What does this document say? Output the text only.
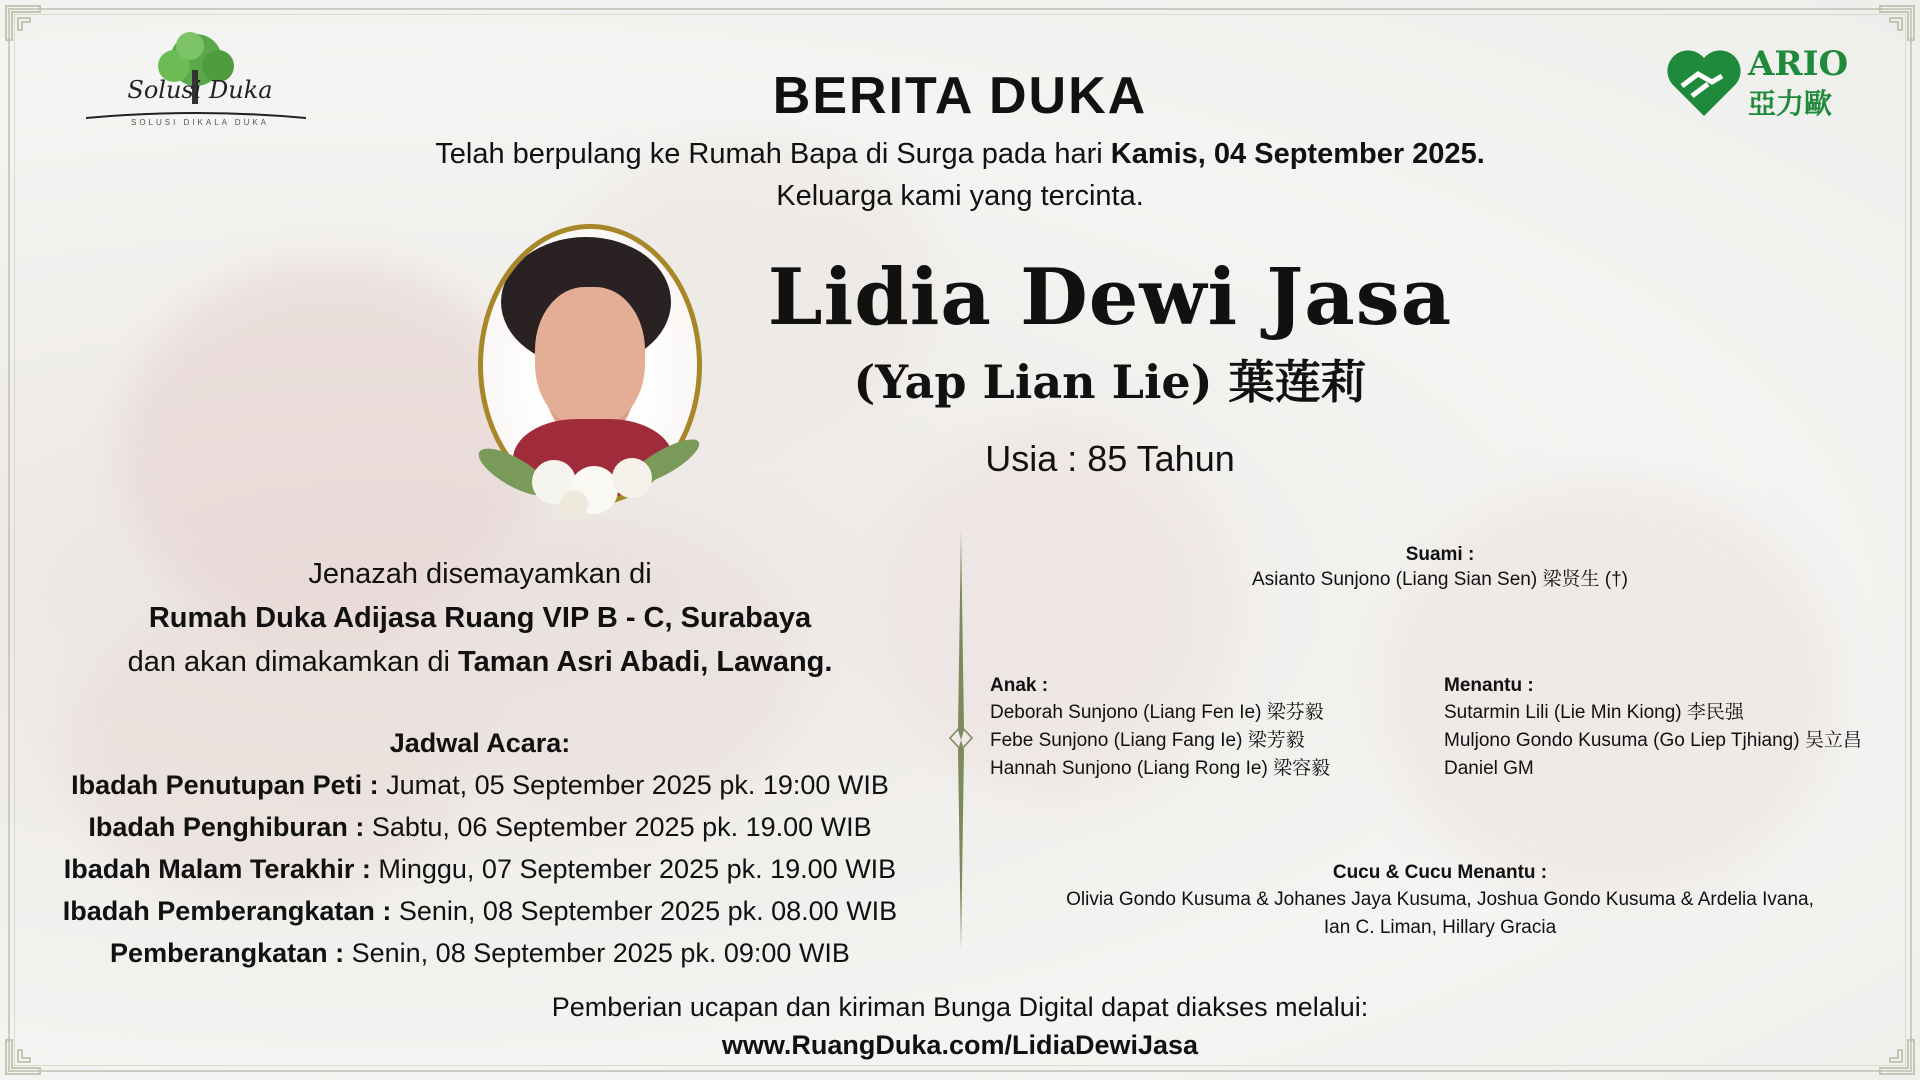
Solusi Duka
SOLUSI DIKALA DUKA
ARIO
亞力歐
BERITA DUKA
Telah berpulang ke Rumah Bapa di Surga pada hari Kamis, 04 September 2025.
Keluarga kami yang tercinta.
Lidia Dewi Jasa
(Yap Lian Lie) 葉莲莉
Usia : 85 Tahun
Jenazah disemayamkan di
Rumah Duka Adijasa Ruang VIP B - C, Surabaya
dan akan dimakamkan di Taman Asri Abadi, Lawang.
Jadwal Acara:
Ibadah Penutupan Peti : Jumat, 05 September 2025 pk. 19:00 WIB
Ibadah Penghiburan : Sabtu, 06 September 2025 pk. 19.00 WIB
Ibadah Malam Terakhir : Minggu, 07 September 2025 pk. 19.00 WIB
Ibadah Pemberangkatan : Senin, 08 September 2025 pk. 08.00 WIB
Pemberangkatan : Senin, 08 September 2025 pk. 09:00 WIB
Suami :
Asianto Sunjono (Liang Sian Sen) 梁贤生 (†)
Anak :
Deborah Sunjono (Liang Fen Ie) 梁芬毅
Febe Sunjono (Liang Fang Ie) 梁芳毅
Hannah Sunjono (Liang Rong Ie) 梁容毅
Menantu :
Sutarmin Lili (Lie Min Kiong) 李民强
Muljono Gondo Kusuma (Go Liep Tjhiang) 吴立昌
Daniel GM
Cucu & Cucu Menantu :
Olivia Gondo Kusuma & Johanes Jaya Kusuma, Joshua Gondo Kusuma & Ardelia Ivana,
Ian C. Liman, Hillary Gracia
Pemberian ucapan dan kiriman Bunga Digital dapat diakses melalui:
www.RuangDuka.com/LidiaDewiJasa
